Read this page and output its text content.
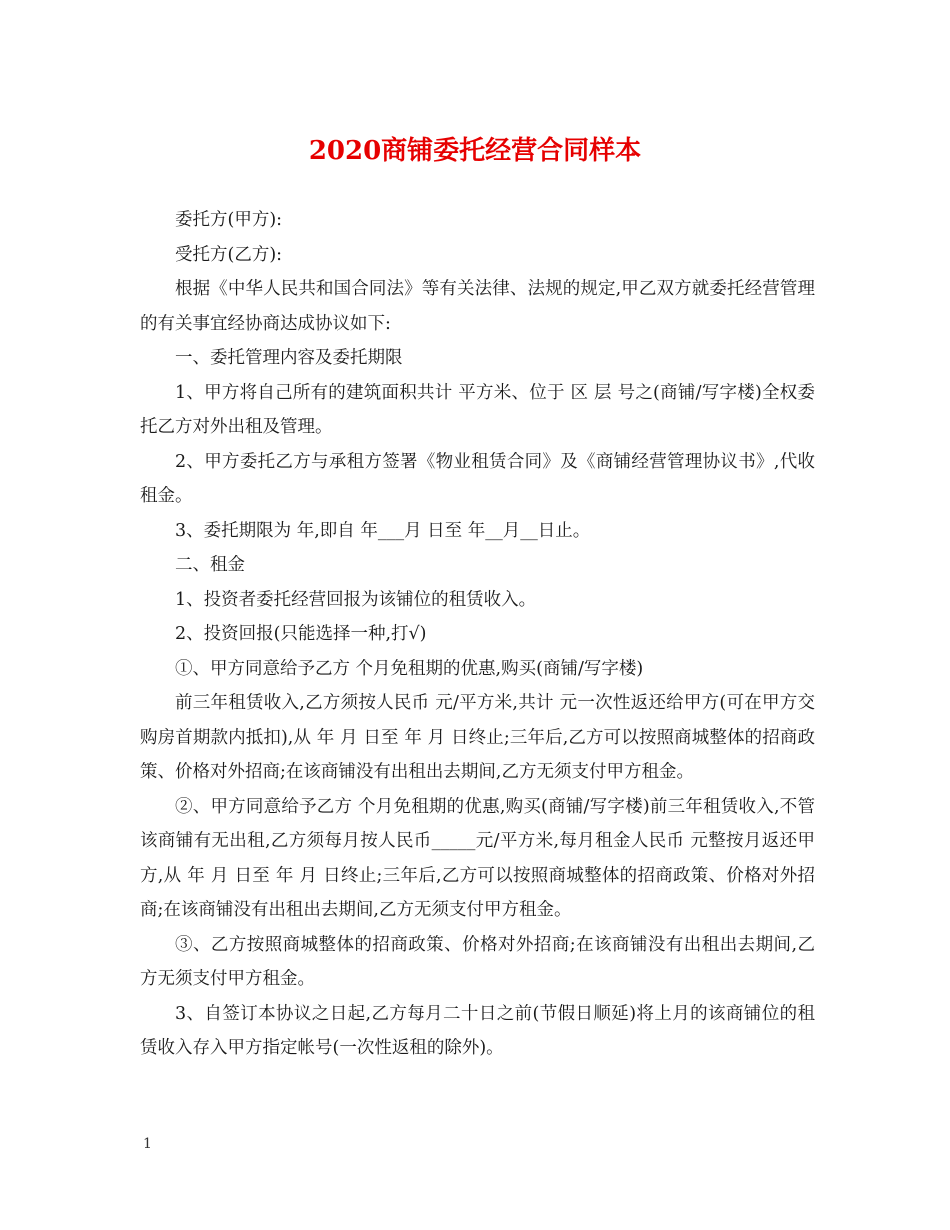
2020商铺委托经营合同样本

委托方(甲方):

受托方(乙方):

根据《中华人民共和国合同法》等有关法律、法规的规定,甲乙双方就委托经营管理的有关事宜经协商达成协议如下:

一、委托管理内容及委托期限

1、甲方将自己所有的建筑面积共计 平方米、位于 区 层 号之(商铺/写字楼)全权委托乙方对外出租及管理。

2、甲方委托乙方与承租方签署《物业租赁合同》及《商铺经营管理协议书》,代收租金。

3、委托期限为 年,即自 年___月 日至 年__月__日止。

二、租金

1、投资者委托经营回报为该铺位的租赁收入。

2、投资回报(只能选择一种,打√)

①、甲方同意给予乙方 个月免租期的优惠,购买(商铺/写字楼)

前三年租赁收入,乙方须按人民币 元/平方米,共计 元一次性返还给甲方(可在甲方交购房首期款内抵扣),从 年 月 日至 年 月 日终止;三年后,乙方可以按照商城整体的招商政策、价格对外招商;在该商铺没有出租出去期间,乙方无须支付甲方租金。

②、甲方同意给予乙方 个月免租期的优惠,购买(商铺/写字楼)前三年租赁收入,不管该商铺有无出租,乙方须每月按人民币_____元/平方米,每月租金人民币 元整按月返还甲方,从 年 月 日至 年 月 日终止;三年后,乙方可以按照商城整体的招商政策、价格对外招商;在该商铺没有出租出去期间,乙方无须支付甲方租金。

③、乙方按照商城整体的招商政策、价格对外招商;在该商铺没有出租出去期间,乙方无须支付甲方租金。

3、自签订本协议之日起,乙方每月二十日之前(节假日顺延)将上月的该商铺位的租赁收入存入甲方指定帐号(一次性返租的除外)。

1
